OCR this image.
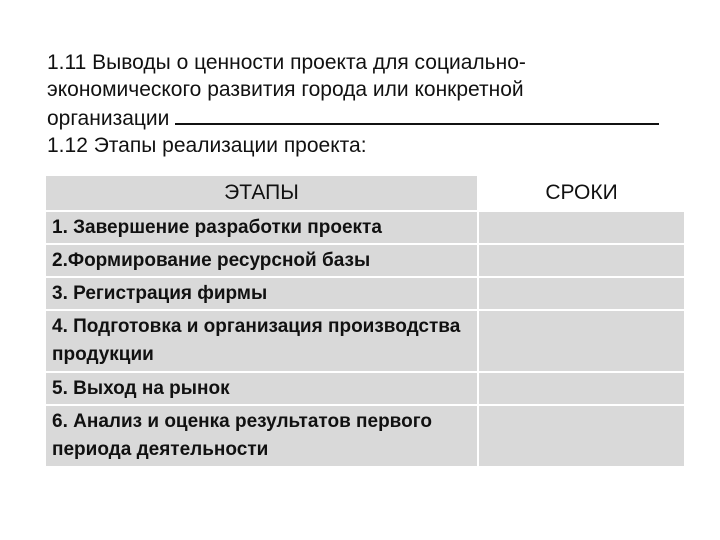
1.11 Выводы о ценности проекта для социально-
экономического развития города или конкретной
организации
1.12 Этапы реализации проекта:
ЭТАПЫ	СРОКИ
1. Завершение разработки проекта	
2.Формирование ресурсной базы	
3. Регистрация фирмы	
4. Подготовка и организация производства продукции	
5. Выход на рынок	
6. Анализ и оценка результатов первого периода деятельности	
